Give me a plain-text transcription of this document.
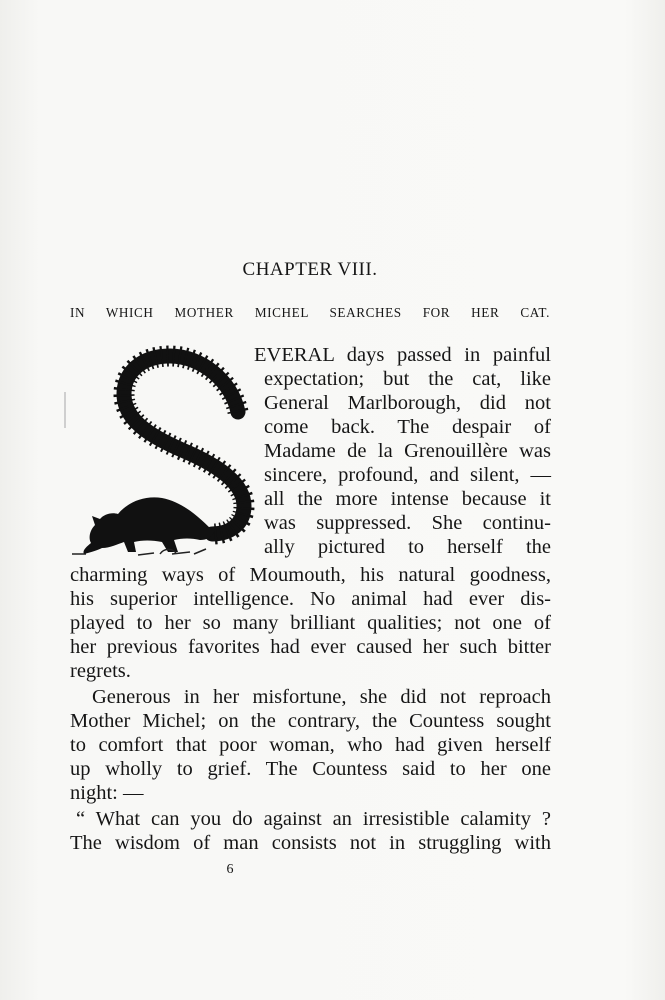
CHAPTER VIII.
IN WHICH MOTHER MICHEL SEARCHES FOR HER CAT.
EVERAL days passed in painful
expectation; but the cat, like
General Marlborough, did not
come back. The despair of
Madame de la Grenouillère was
sincere, profound, and silent, —
all the more intense because it
was suppressed. She continu-
ally pictured to herself the
charming ways of Moumouth, his natural goodness,
his superior intelligence. No animal had ever dis-
played to her so many brilliant qualities; not one of
her previous favorites had ever caused her such bitter
regrets.
Generous in her misfortune, she did not reproach
Mother Michel; on the contrary, the Countess sought
to comfort that poor woman, who had given herself
up wholly to grief. The Countess said to her one
night: —
“ What can you do against an irresistible calamity ?
The wisdom of man consists not in struggling with
6
